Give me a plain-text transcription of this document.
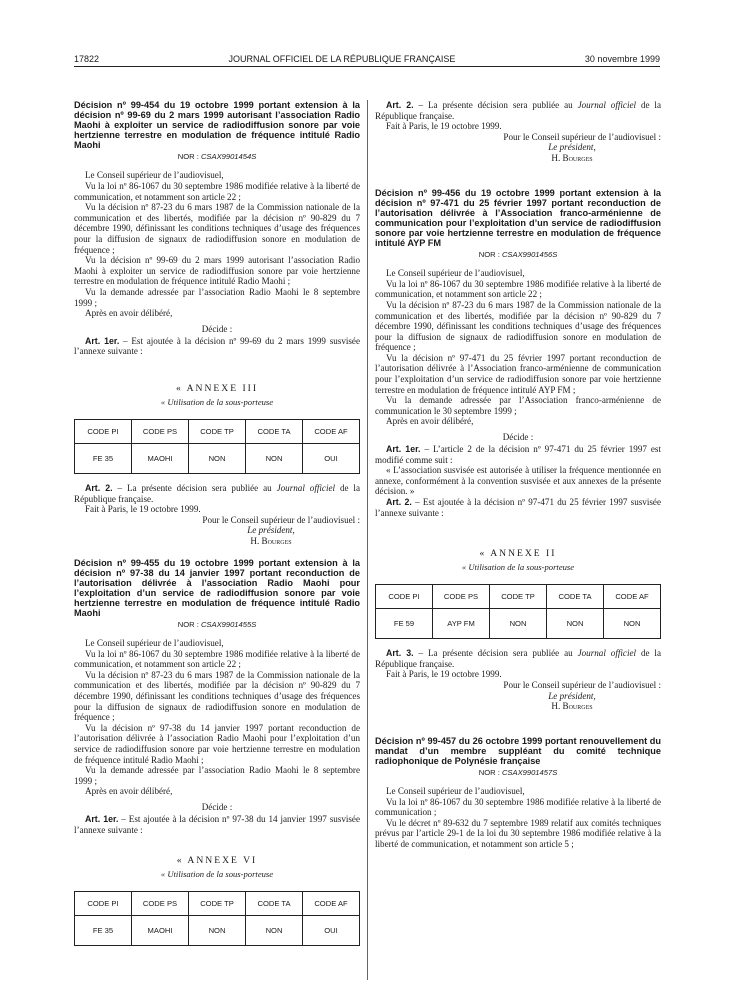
17822	JOURNAL OFFICIEL DE LA RÉPUBLIQUE FRANÇAISE	30 novembre 1999
Décision nº 99-454 du 19 octobre 1999 portant extension à la décision nº 99-69 du 2 mars 1999 autorisant l’association Radio Maohi à exploiter un service de radiodiffusion sonore par voie hertzienne terrestre en modulation de fréquence intitulé Radio Maohi
NOR : CSAX9901454S

Le Conseil supérieur de l’audiovisuel,

Vu la loi nº 86-1067 du 30 septembre 1986 modifiée relative à la liberté de communication, et notamment son article 22 ;

Vu la décision nº 87-23 du 6 mars 1987 de la Commission nationale de la communication et des libertés, modifiée par la décision nº 90-829 du 7 décembre 1990, définissant les conditions techniques d’usage des fréquences pour la diffusion de signaux de radiodiffusion sonore en modulation de fréquence ;

Vu la décision nº 99-69 du 2 mars 1999 autorisant l’association Radio Maohi à exploiter un service de radiodiffusion sonore par voie hertzienne terrestre en modulation de fréquence intitulé Radio Maohi ;

Vu la demande adressée par l’association Radio Maohi le 8 septembre 1999 ;

Après en avoir délibéré,

Décide :

Art. 1er. – Est ajoutée à la décision nº 99-69 du 2 mars 1999 susvisée l’annexe suivante :

« ANNEXE III
« Utilisation de la sous-porteuse
CODE PI	CODE PS	CODE TP	CODE TA	CODE AF
FE 35	MAOHI	NON	NON	OUI

Art. 2. – La présente décision sera publiée au Journal officiel de la République française.

Fait à Paris, le 19 octobre 1999.

Pour le Conseil supérieur de l’audiovisuel :
Le président,
H. Bourges
Décision nº 99-455 du 19 octobre 1999 portant extension à la décision nº 97-38 du 14 janvier 1997 portant reconduction de l’autorisation délivrée à l’association Radio Maohi pour l’exploitation d’un service de radiodiffusion sonore par voie hertzienne terrestre en modulation de fréquence intitulé Radio Maohi
NOR : CSAX9901455S

Le Conseil supérieur de l’audiovisuel,

Vu la loi nº 86-1067 du 30 septembre 1986 modifiée relative à la liberté de communication, et notamment son article 22 ;

Vu la décision nº 87-23 du 6 mars 1987 de la Commission nationale de la communication et des libertés, modifiée par la décision nº 90-829 du 7 décembre 1990, définissant les conditions techniques d’usage des fréquences pour la diffusion de signaux de radiodiffusion sonore en modulation de fréquence ;

Vu la décision nº 97-38 du 14 janvier 1997 portant reconduction de l’autorisation délivrée à l’association Radio Maohi pour l’exploitation d’un service de radiodiffusion sonore par voie hertzienne terrestre en modulation de fréquence intitulé Radio Maohi ;

Vu la demande adressée par l’association Radio Maohi le 8 septembre 1999 ;

Après en avoir délibéré,

Décide :

Art. 1er. – Est ajoutée à la décision nº 97-38 du 14 janvier 1997 susvisée l’annexe suivante :

« ANNEXE VI
« Utilisation de la sous-porteuse
CODE PI	CODE PS	CODE TP	CODE TA	CODE AF
FE 35	MAOHI	NON	NON	OUI

Art. 2. – La présente décision sera publiée au Journal officiel de la République française.

Fait à Paris, le 19 octobre 1999.

Pour le Conseil supérieur de l’audiovisuel :
Le président,
H. Bourges
Décision nº 99-456 du 19 octobre 1999 portant extension à la décision nº 97-471 du 25 février 1997 portant reconduction de l’autorisation délivrée à l’Association franco-arménienne de communication pour l’exploitation d’un service de radiodiffusion sonore par voie hertzienne terrestre en modulation de fréquence intitulé AYP FM
NOR : CSAX9901456S

Le Conseil supérieur de l’audiovisuel,

Vu la loi nº 86-1067 du 30 septembre 1986 modifiée relative à la liberté de communication, et notamment son article 22 ;

Vu la décision nº 87-23 du 6 mars 1987 de la Commission nationale de la communication et des libertés, modifiée par la décision nº 90-829 du 7 décembre 1990, définissant les conditions techniques d’usage des fréquences pour la diffusion de signaux de radiodiffusion sonore en modulation de fréquence ;

Vu la décision nº 97-471 du 25 février 1997 portant reconduction de l’autorisation délivrée à l’Association franco-arménienne de communication pour l’exploitation d’un service de radiodiffusion sonore par voie hertzienne terrestre en modulation de fréquence intitulé AYP FM ;

Vu la demande adressée par l’Association franco-arménienne de communication le 30 septembre 1999 ;

Après en avoir délibéré,

Décide :

Art. 1er. – L’article 2 de la décision nº 97-471 du 25 février 1997 est modifié comme suit :

« L’association susvisée est autorisée à utiliser la fréquence mentionnée en annexe, conformément à la convention susvisée et aux annexes de la présente décision. »

Art. 2. – Est ajoutée à la décision nº 97-471 du 25 février 1997 susvisée l’annexe suivante :

« ANNEXE II
« Utilisation de la sous-porteuse
CODE PI	CODE PS	CODE TP	CODE TA	CODE AF
FE 59	AYP FM	NON	NON	NON

Art. 3. – La présente décision sera publiée au Journal officiel de la République française.

Fait à Paris, le 19 octobre 1999.

Pour le Conseil supérieur de l’audiovisuel :
Le président,
H. Bourges
Décision nº 99-457 du 26 octobre 1999 portant renouvellement du mandat d’un membre suppléant du comité technique radiophonique de Polynésie française
NOR : CSAX9901457S

Le Conseil supérieur de l’audiovisuel,

Vu la loi nº 86-1067 du 30 septembre 1986 modifiée relative à la liberté de communication ;

Vu le décret nº 89-632 du 7 septembre 1989 relatif aux comités techniques prévus par l’article 29-1 de la loi du 30 septembre 1986 modifiée relative à la liberté de communication, et notamment son article 5 ;
